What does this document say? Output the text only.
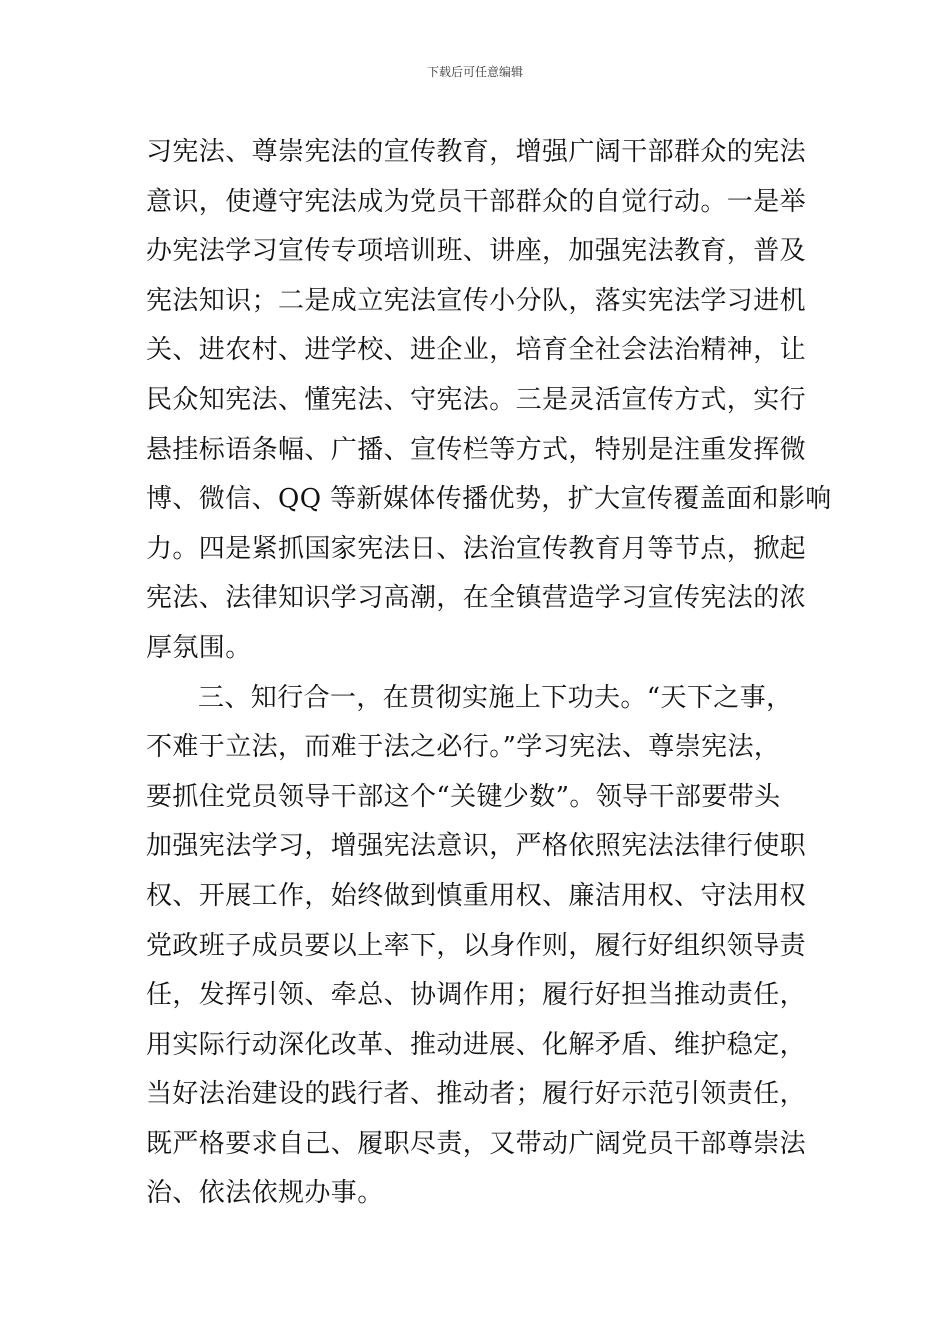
下载后可任意编辑
习宪法、尊崇宪法的宣传教育，增强广阔干部群众的宪法
意识，使遵守宪法成为党员干部群众的自觉行动。一是举
办宪法学习宣传专项培训班、讲座，加强宪法教育，普及
宪法知识；二是成立宪法宣传小分队，落实宪法学习进机
关、进农村、进学校、进企业，培育全社会法治精神，让
民众知宪法、懂宪法、守宪法。三是灵活宣传方式，实行
悬挂标语条幅、广播、宣传栏等方式，特别是注重发挥微
博、微信、QQ 等新媒体传播优势，扩大宣传覆盖面和影响
力。四是紧抓国家宪法日、法治宣传教育月等节点，掀起
宪法、法律知识学习高潮，在全镇营造学习宣传宪法的浓
厚氛围。
三、知行合一，在贯彻实施上下功夫。“天下之事，
不难于立法，而难于法之必行。”学习宪法、尊崇宪法，
要抓住党员领导干部这个“关键少数”。领导干部要带头
加强宪法学习，增强宪法意识，严格依照宪法法律行使职
权、开展工作，始终做到慎重用权、廉洁用权、守法用权
党政班子成员要以上率下，以身作则，履行好组织领导责
任，发挥引领、牵总、协调作用；履行好担当推动责任，
用实际行动深化改革、推动进展、化解矛盾、维护稳定，
当好法治建设的践行者、推动者；履行好示范引领责任，
既严格要求自己、履职尽责，又带动广阔党员干部尊崇法
治、依法依规办事。
